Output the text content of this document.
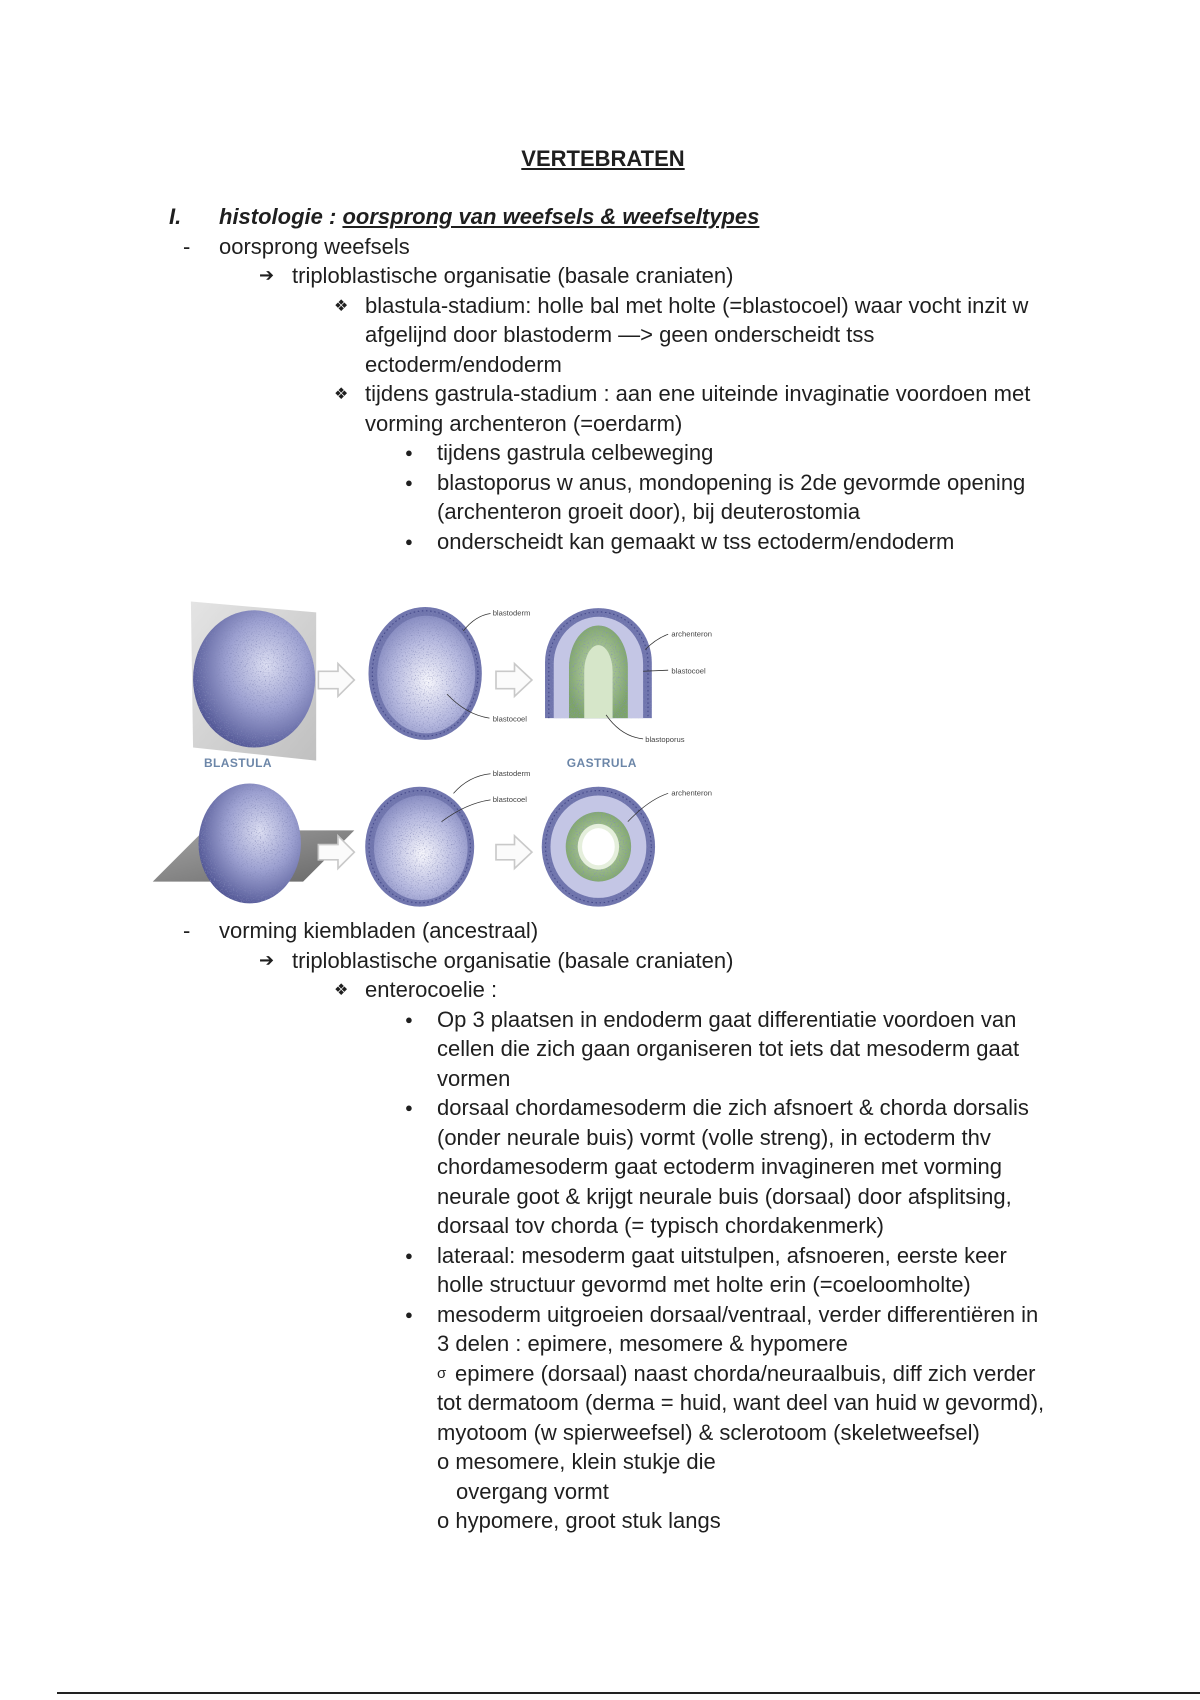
VERTEBRATEN
I. histologie : oorsprong van weefsels & weefseltypes
- oorsprong weefsels
➔ triploblastische organisatie (basale craniaten)
❖ blastula-stadium: holle bal met holte (=blastocoel) waar vocht inzit w
afgelijnd door blastoderm —> geen onderscheidt tss
ectoderm/endoderm
❖ tijdens gastrula-stadium : aan ene uiteinde invaginatie voordoen met
vorming archenteron (=oerdarm)
● tijdens gastrula celbeweging
● blastoporus w anus, mondopening is 2de gevormde opening
(archenteron groeit door), bij deuterostomia
● onderscheidt kan gemaakt w tss ectoderm/endoderm
blastoderm
blastocoel
archenteron
blastocoel
blastoporus
BLASTULA	GASTRULA
blastoderm
blastocoel
archenteron
- vorming kiembladen (ancestraal)
➔ triploblastische organisatie (basale craniaten)
❖ enterocoelie :
● Op 3 plaatsen in endoderm gaat differentiatie voordoen van
cellen die zich gaan organiseren tot iets dat mesoderm gaat
vormen
● dorsaal chordamesoderm die zich afsnoert & chorda dorsalis
(onder neurale buis) vormt (volle streng), in ectoderm thv
chordamesoderm gaat ectoderm invagineren met vorming
neurale goot & krijgt neurale buis (dorsaal) door afsplitsing,
dorsaal tov chorda (= typisch chordakenmerk)
● lateraal: mesoderm gaat uitstulpen, afsnoeren, eerste keer
holle structuur gevormd met holte erin (=coeloomholte)
● mesoderm uitgroeien dorsaal/ventraal, verder differentiëren in
3 delen : epimere, mesomere & hypomere
σ epimere (dorsaal) naast chorda/neuraalbuis, diff zich verder
tot dermatoom (derma = huid, want deel van huid w gevormd),
myotoom (w spierweefsel) & sclerotoom (skeletweefsel)
o mesomere, klein stukje die
overgang vormt
o hypomere, groot stuk langs
